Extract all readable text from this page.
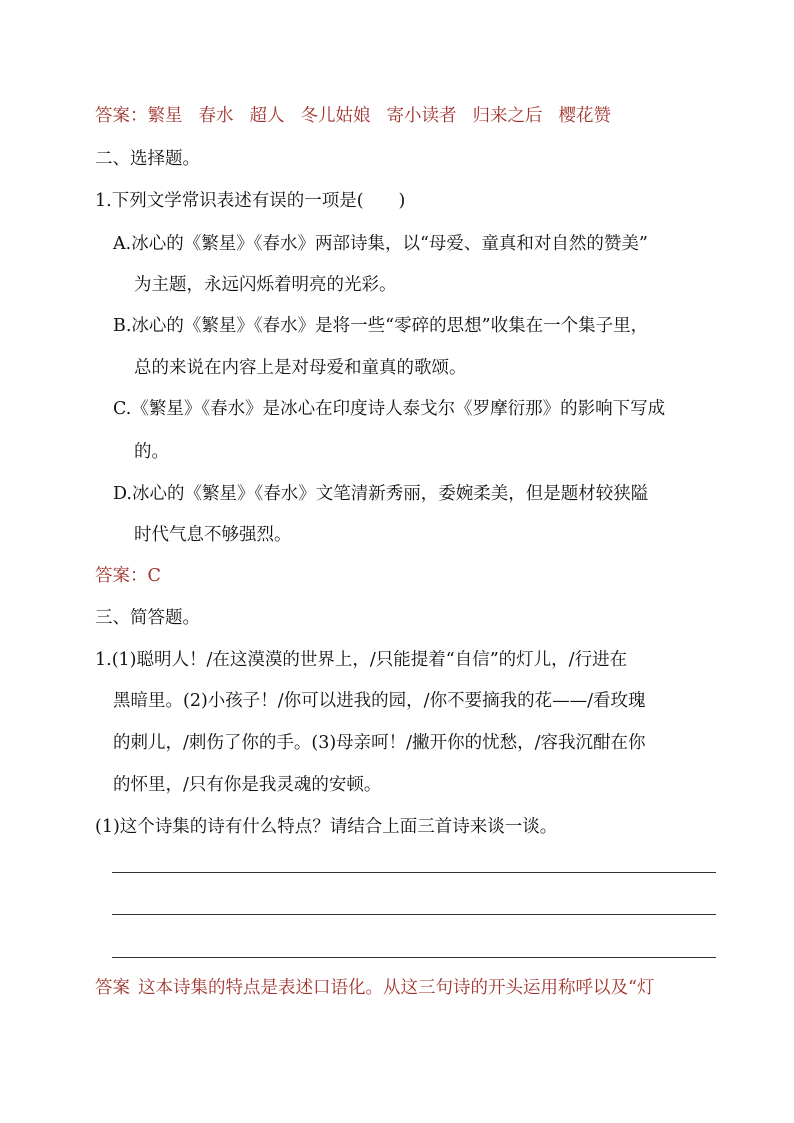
答案：繁星 春水 超人 冬儿姑娘 寄小读者 归来之后 樱花赞
二、选择题。
1.下列文学常识表述有误的一项是(　　)
A.冰心的《繁星》《春水》两部诗集，以“母爱、童真和对自然的赞美”
为主题，永远闪烁着明亮的光彩。
B.冰心的《繁星》《春水》是将一些“零碎的思想”收集在一个集子里，
总的来说在内容上是对母爱和童真的歌颂。
C.《繁星》《春水》是冰心在印度诗人泰戈尔《罗摩衍那》的影响下写成
的。
D.冰心的《繁星》《春水》文笔清新秀丽，委婉柔美，但是题材较狭隘
时代气息不够强烈。
答案：C
三、简答题。
1.(1)聪明人！/在这漠漠的世界上，/只能提着“自信”的灯儿，/行进在
黑暗里。(2)小孩子！/你可以进我的园，/你不要摘我的花——/看玫瑰
的刺儿，/刺伤了你的手。(3)母亲呵！/撇开你的忧愁，/容我沉酣在你
的怀里，/只有你是我灵魂的安顿。
(1)这个诗集的诗有什么特点？请结合上面三首诗来谈一谈。
答案 这本诗集的特点是表述口语化。从这三句诗的开头运用称呼以及“灯
